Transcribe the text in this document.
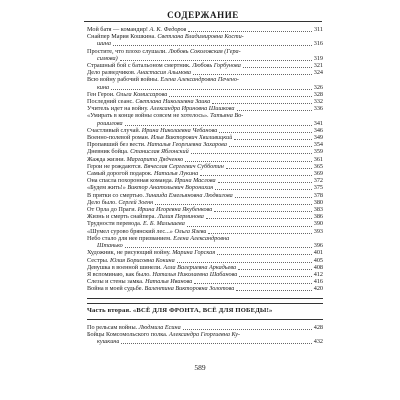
СОДЕРЖАНИЕ
Мой батя — командир! А. К. Федоров	311
Снайпер Мария Кошкина. Светлана Владимировна Кости-
шина	316
Простите, что плохо слушали. Любовь Соколовская (Гера-
симова)	319
Страшный бой с батальоном смертник. Любовь Горбунова	321
Дело разведчиков. Анастасия Алымова	324
Всю войну рабочий войны. Елена Александровна Печено-
кина	326
Ген Герои. Ольга Комиссарова	328
Последний сеанс. Светлана Николаевна Заика	332
Учитель идет на войну. Александра Ириновна Шишкова	336
«Умирать в конце войны совсем не хотелось». Татьяна Во-
рошилова	341
Счастливый случай. Ирина Николаевна Чебанова	346
Военно-полевой роман. Илья Викторович Хвиливицкий	349
Пропавший без вести. Наталья Георгиевна Захарова	354
Дневник бойца. Станислав Яблонский	359
Жажда жизни. Маргарита Дядченко	361
Герои не рождаются. Вячеслав Сергеевич Субботин	365
Самый дорогой подарок. Наталья Лукина	369
Она спасла похоронная команда. Ирина Маслова	372
«Будем жить!» Виктор Анатольевич Воронихин	375
В прятки со смертью. Зинаида Емельяновна Людвигова	378
Дело было. Сергей Зоенн	380
От Орла до Праги. Ирина Игоревна Якубенкова	383
Жизнь и смерть снайпера. Лилия Перминова	386
Трудности перевода. Е. Б. Малышева	390
«Шумел сурово брянский лес...» Ольга Язева	393
Небо стало для нее призванием. Елена Александровна
Штанько	396
Художник, не рисующий войну. Марина Горская	401
Сестры. Юлия Борисовна Кокина	405
Девушка в военной шинели. Алла Валериевна Аркадьева	408
Я вспоминаю, как было. Наталья Николаевна Шабанова	412
Слезы и стены замка. Наталья Иванова	416
Война в моей судьбе. Валентина Викторовна Золотова	420
Часть вторая. «ВСЁ ДЛЯ ФРОНТА, ВСЁ ДЛЯ ПОБЕДЫ!»
По рельсам войны. Людмила Есина	428
Бойцы Комсомольского полка. Александра Георгиевна Ку-
кушкина	432
589
